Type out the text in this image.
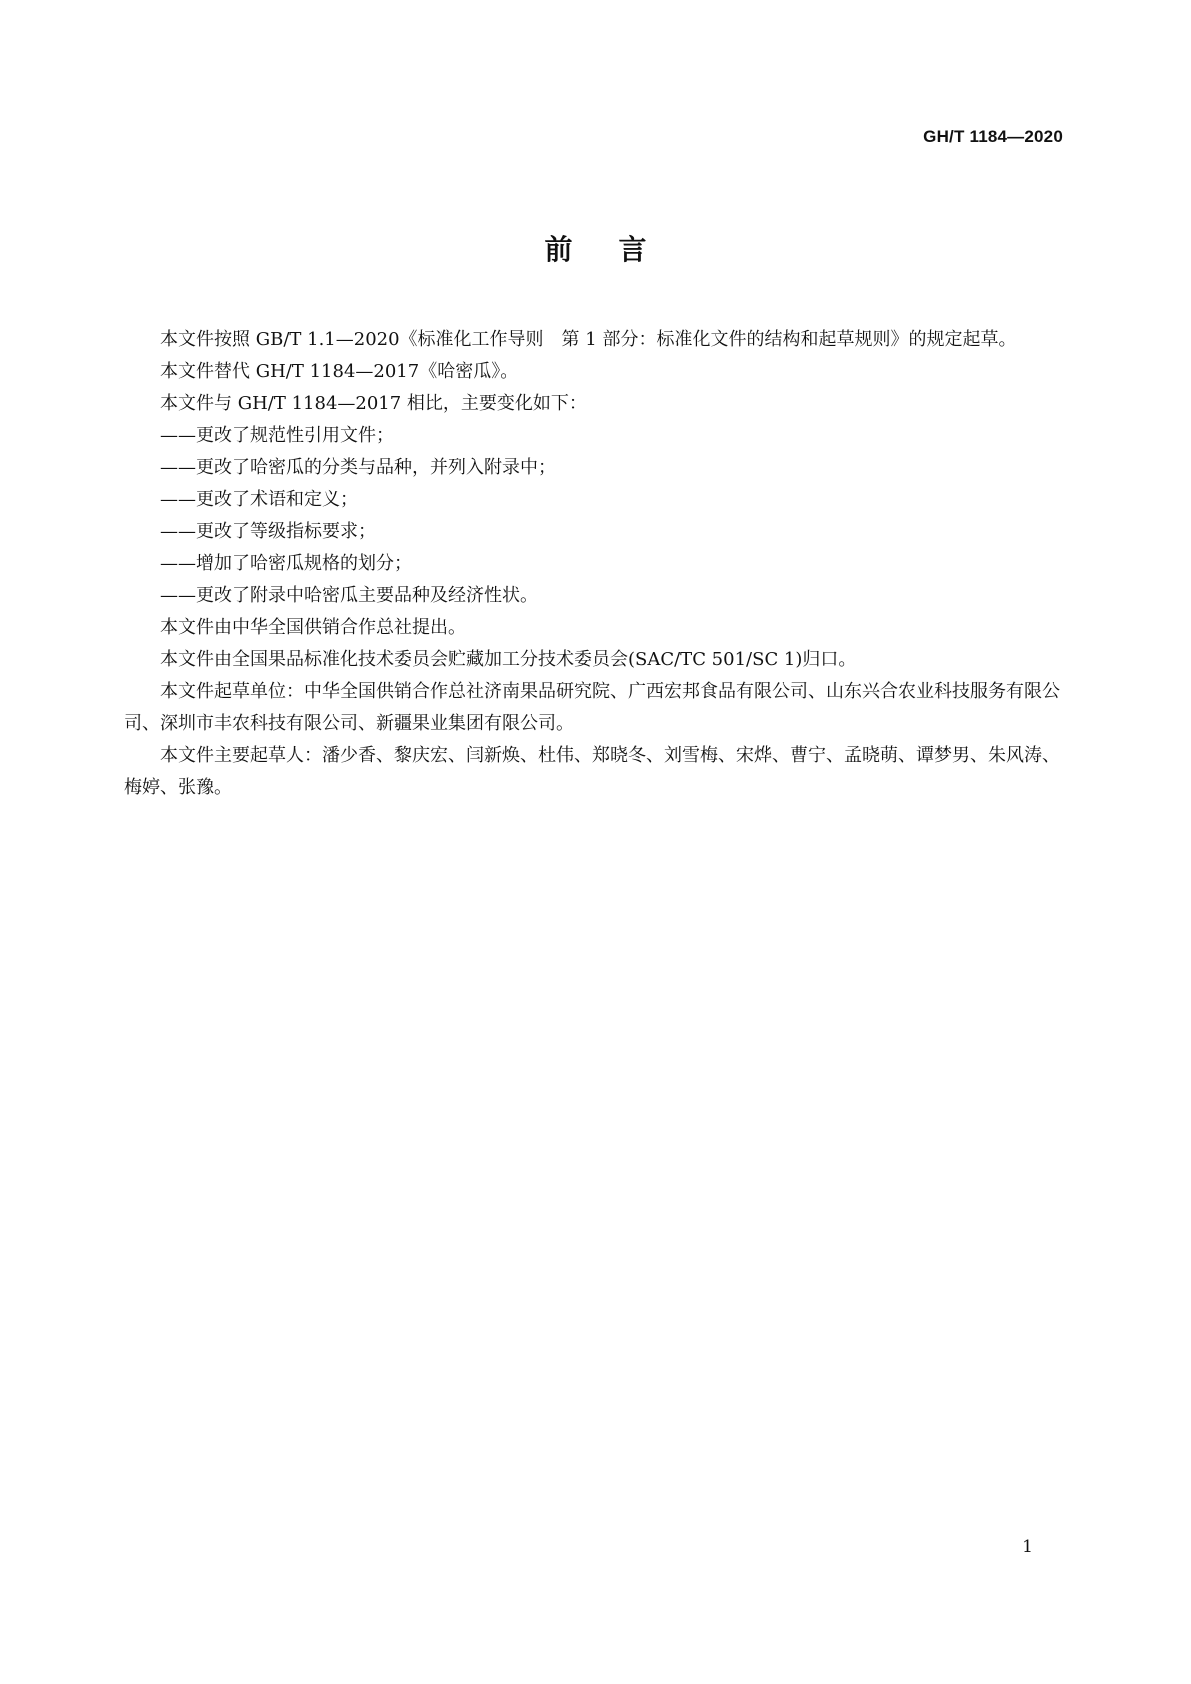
GH/T 1184—2020
前言

本文件按照 GB/T 1.1—2020《标准化工作导则　第 1 部分：标准化文件的结构和起草规则》的规定起草。

本文件替代 GH/T 1184—2017《哈密瓜》。

本文件与 GH/T 1184—2017 相比，主要变化如下：

——更改了规范性引用文件；

——更改了哈密瓜的分类与品种，并列入附录中；

——更改了术语和定义；

——更改了等级指标要求；

——增加了哈密瓜规格的划分；

——更改了附录中哈密瓜主要品种及经济性状。

本文件由中华全国供销合作总社提出。

本文件由全国果品标准化技术委员会贮藏加工分技术委员会(SAC/TC 501/SC 1)归口。

本文件起草单位：中华全国供销合作总社济南果品研究院、广西宏邦食品有限公司、山东兴合农业科技服务有限公司、深圳市丰农科技有限公司、新疆果业集团有限公司。

本文件主要起草人：潘少香、黎庆宏、闫新焕、杜伟、郑晓冬、刘雪梅、宋烨、曹宁、孟晓萌、谭梦男、朱风涛、梅婷、张豫。

1
